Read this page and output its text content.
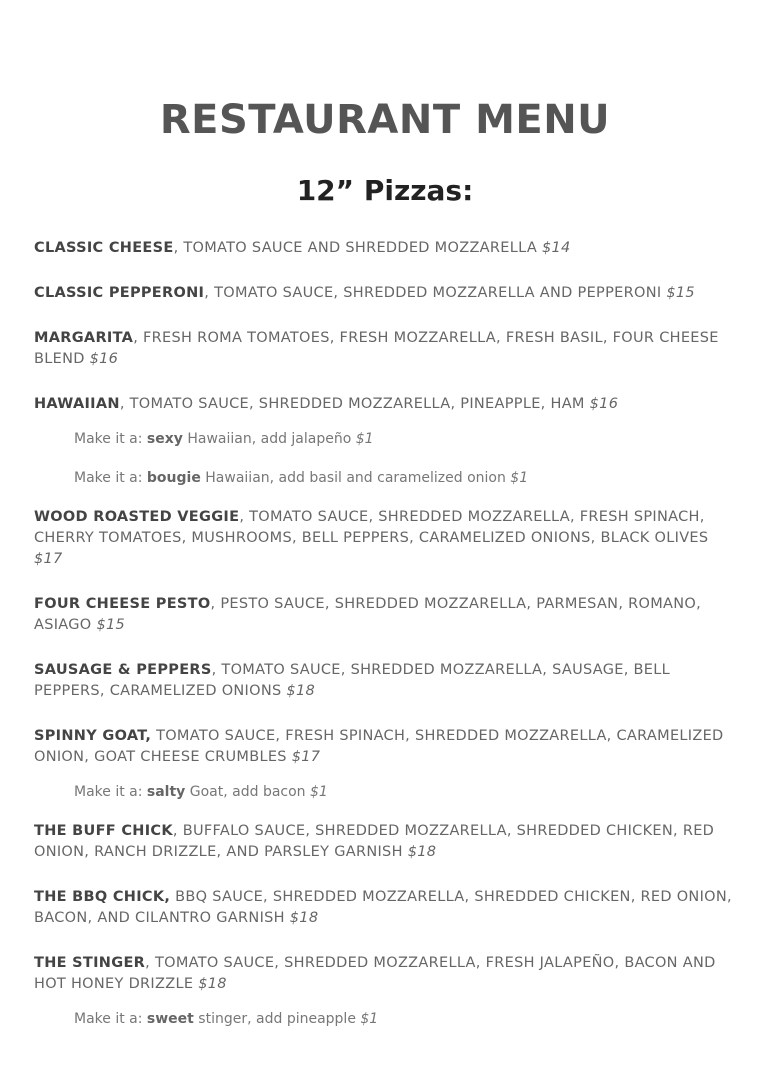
RESTAURANT MENU
12” Pizzas:

CLASSIC CHEESE, TOMATO SAUCE AND SHREDDED MOZZARELLA $14

CLASSIC PEPPERONI, TOMATO SAUCE, SHREDDED MOZZARELLA AND PEPPERONI $15

MARGARITA, FRESH ROMA TOMATOES, FRESH MOZZARELLA, FRESH BASIL, FOUR CHEESE BLEND $16

HAWAIIAN, TOMATO SAUCE, SHREDDED MOZZARELLA, PINEAPPLE, HAM $16

Make it a: sexy Hawaiian, add jalapeño $1

Make it a: bougie Hawaiian, add basil and caramelized onion $1

WOOD ROASTED VEGGIE, TOMATO SAUCE, SHREDDED MOZZARELLA, FRESH SPINACH, CHERRY TOMATOES, MUSHROOMS, BELL PEPPERS, CARAMELIZED ONIONS, BLACK OLIVES $17

FOUR CHEESE PESTO, PESTO SAUCE, SHREDDED MOZZARELLA, PARMESAN, ROMANO, ASIAGO $15

SAUSAGE & PEPPERS, TOMATO SAUCE, SHREDDED MOZZARELLA, SAUSAGE, BELL PEPPERS, CARAMELIZED ONIONS $18

SPINNY GOAT, TOMATO SAUCE, FRESH SPINACH, SHREDDED MOZZARELLA, CARAMELIZED ONION, GOAT CHEESE CRUMBLES $17

Make it a: salty Goat, add bacon $1

THE BUFF CHICK, BUFFALO SAUCE, SHREDDED MOZZARELLA, SHREDDED CHICKEN, RED ONION, RANCH DRIZZLE, AND PARSLEY GARNISH $18

THE BBQ CHICK, BBQ SAUCE, SHREDDED MOZZARELLA, SHREDDED CHICKEN, RED ONION, BACON, AND CILANTRO GARNISH $18

THE STINGER, TOMATO SAUCE, SHREDDED MOZZARELLA, FRESH JALAPEÑO, BACON AND HOT HONEY DRIZZLE $18

Make it a: sweet stinger, add pineapple $1
